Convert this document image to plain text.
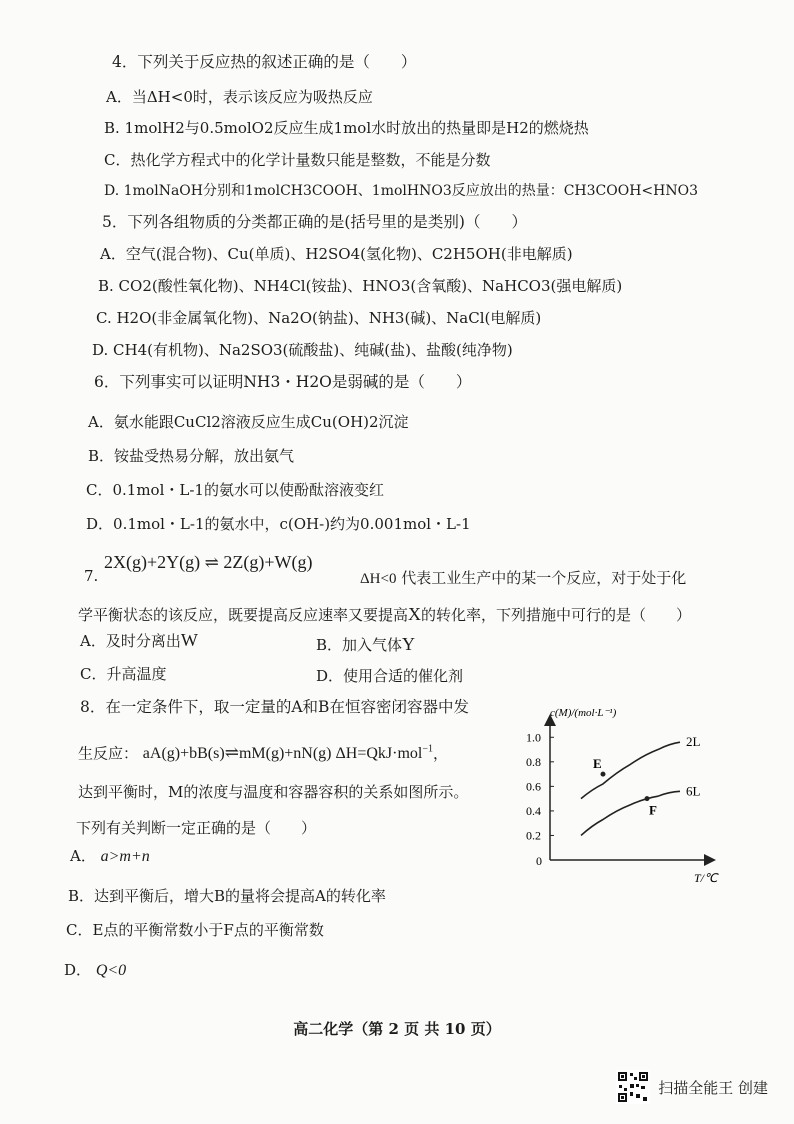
4．下列关于反应热的叙述正确的是（　　）
A．当ΔH<0时，表示该反应为吸热反应
B. 1molH2与0.5molO2反应生成1mol水时放出的热量即是H2的燃烧热
C．热化学方程式中的化学计量数只能是整数，不能是分数
D. 1molNaOH分别和1molCH3COOH、1molHNO3反应放出的热量：CH3COOH<HNO3
5．下列各组物质的分类都正确的是(括号里的是类别)（　　）
A．空气(混合物)、Cu(单质)、H2SO4(氢化物)、C2H5OH(非电解质)
B. CO2(酸性氧化物)、NH4Cl(铵盐)、HNO3(含氧酸)、NaHCO3(强电解质)
C. H2O(非金属氧化物)、Na2O(钠盐)、NH3(碱)、NaCl(电解质)
D. CH4(有机物)、Na2SO3(硫酸盐)、纯碱(盐)、盐酸(纯净物)
6．下列事实可以证明NH3・H2O是弱碱的是（　　）
A．氨水能跟CuCl2溶液反应生成Cu(OH)2沉淀
B．铵盐受热易分解，放出氨气
C．0.1mol・L-1的氨水可以使酚酞溶液变红
D．0.1mol・L-1的氨水中，c(OH-)约为0.001mol・L-1
7.
2X(g)+2Y(g) ⇌ 2Z(g)+W(g)
ΔH<0 代表工业生产中的某一个反应，对于处于化
学平衡状态的该反应，既要提高反应速率又要提高X的转化率，下列措施中可行的是（　　）
A．及时分离出W	B．加入气体Y
C．升高温度	D．使用合适的催化剂
8．在一定条件下，取一定量的A和B在恒容密闭容器中发
生反应： aA(g)+bB(s)⇌mM(g)+nN(g) ΔH=QkJ·mol$^{-1}$，
达到平衡时，M的浓度与温度和容器容积的关系如图所示。
下列有关判断一定正确的是（　　）
A． a>m+n
B．达到平衡后，增大B的量将会提高A的转化率
C．E点的平衡常数小于F点的平衡常数
D． Q<0
c(M)/(mol·L⁻¹)
T/℃
0
0.2
0.4
0.6
0.8
1.0	2L
6L
E
F
高二化学（第 2 页 共 10 页）
扫描全能王 创建
